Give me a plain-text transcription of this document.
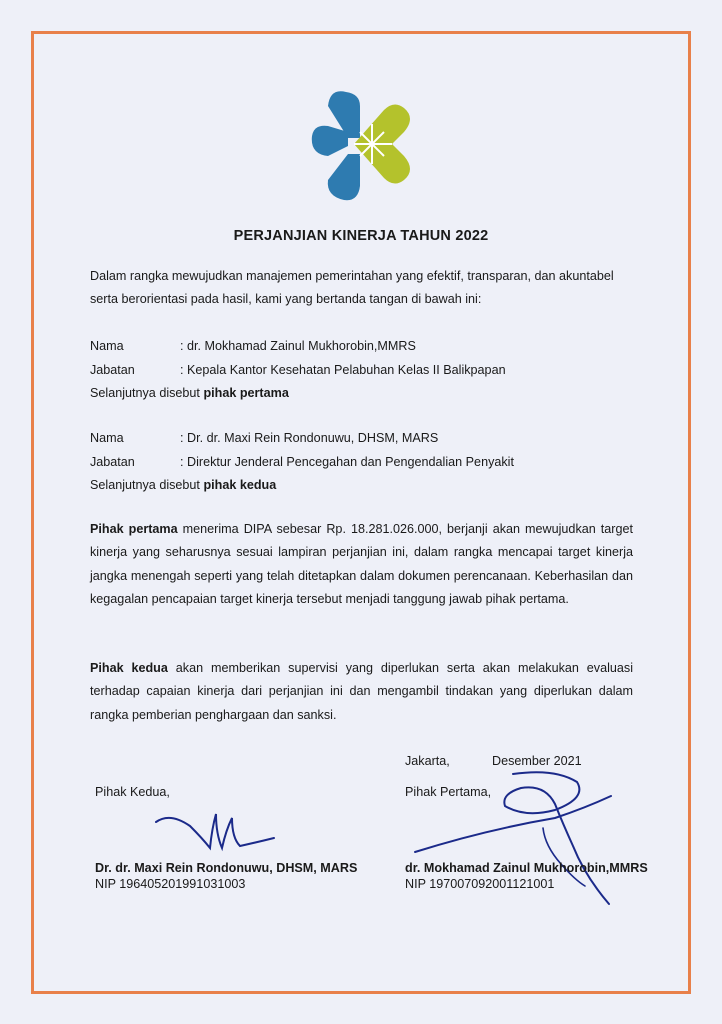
PERJANJIAN KINERJA TAHUN 2022
Dalam rangka mewujudkan manajemen pemerintahan yang efektif, transparan, dan akuntabel
serta berorientasi pada hasil, kami yang bertanda tangan di bawah ini:
Nama	: dr. Mokhamad Zainul Mukhorobin,MMRS
Jabatan	: Kepala Kantor Kesehatan Pelabuhan Kelas II Balikpapan
Selanjutnya disebut pihak pertama
Nama	: Dr. dr. Maxi Rein Rondonuwu, DHSM, MARS
Jabatan	: Direktur Jenderal Pencegahan dan Pengendalian Penyakit
Selanjutnya disebut pihak kedua
Pihak pertama menerima DIPA sebesar Rp. 18.281.026.000, berjanji akan mewujudkan target kinerja yang seharusnya sesuai lampiran perjanjian ini, dalam rangka mencapai target kinerja jangka menengah seperti yang telah ditetapkan dalam dokumen perencanaan. Keberhasilan dan kegagalan pencapaian target kinerja tersebut menjadi tanggung jawab pihak pertama.
Pihak kedua akan memberikan supervisi yang diperlukan serta akan melakukan evaluasi terhadap capaian kinerja dari perjanjian ini dan mengambil tindakan yang diperlukan dalam rangka pemberian penghargaan dan sanksi.
Jakarta,	Desember 2021
Pihak Kedua,	Pihak Pertama,
Dr. dr. Maxi Rein Rondonuwu, DHSM, MARS
NIP 196405201991031003
dr. Mokhamad Zainul Mukhorobin,MMRS
NIP 197007092001121001
